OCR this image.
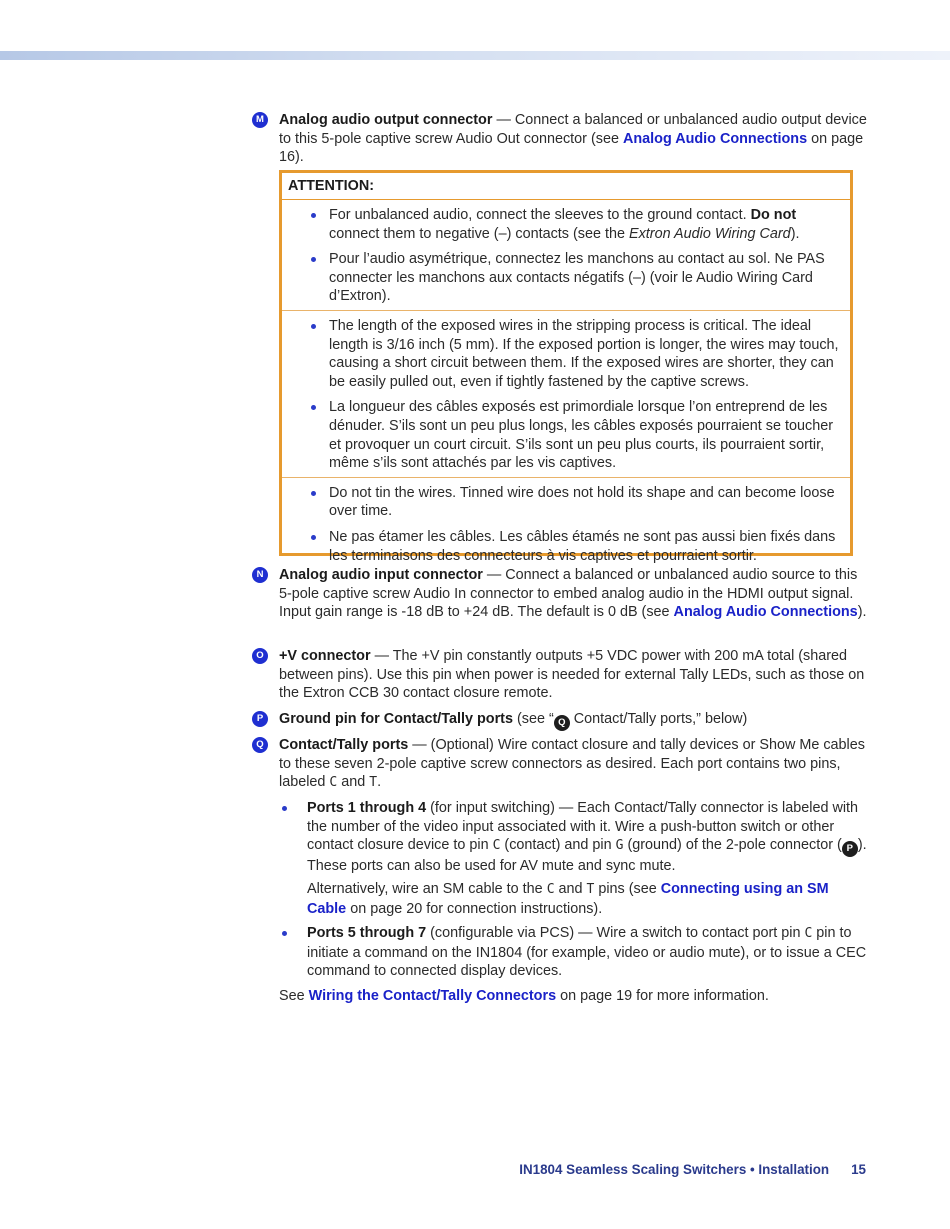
M Analog audio output connector — Connect a balanced or unbalanced audio output device to this 5-pole captive screw Audio Out connector (see Analog Audio Connections on page 16).
ATTENTION:
For unbalanced audio, connect the sleeves to the ground contact. Do not connect them to negative (–) contacts (see the Extron Audio Wiring Card).
Pour l’audio asymétrique, connectez les manchons au contact au sol. Ne PAS connecter les manchons aux contacts négatifs (–) (voir le Audio Wiring Card d’Extron).
The length of the exposed wires in the stripping process is critical. The ideal length is 3/16 inch (5 mm). If the exposed portion is longer, the wires may touch, causing a short circuit between them. If the exposed wires are shorter, they can be easily pulled out, even if tightly fastened by the captive screws.
La longueur des câbles exposés est primordiale lorsque l’on entreprend de les dénuder. S’ils sont un peu plus longs, les câbles exposés pourraient se toucher et provoquer un court circuit. S’ils sont un peu plus courts, ils pourraient sortir, même s’ils sont attachés par les vis captives.
Do not tin the wires. Tinned wire does not hold its shape and can become loose over time.
Ne pas étamer les câbles. Les câbles étamés ne sont pas aussi bien fixés dans les terminaisons des connecteurs à vis captives et pourraient sortir.
N	Analog audio input connector — Connect a balanced or unbalanced audio source to this 5-pole captive screw Audio In connector to embed analog audio in the HDMI output signal. Input gain range is -18 dB to +24 dB. The default is 0 dB (see Analog Audio Connections).
O +V connector — The +V pin constantly outputs +5 VDC power with 200 mA total (shared between pins). Use this pin when power is needed for external Tally LEDs, such as those on the Extron CCB 30 contact closure remote.
P	Ground pin for Contact/Tally ports (see “ Q Contact/Tally ports,” below)
Q Contact/Tally ports — (Optional) Wire contact closure and tally devices or Show Me cables to these seven 2-pole captive screw connectors as desired. Each port contains two pins, labeled C and T.
Ports 1 through 4 (for input switching) — Each Contact/Tally connector is labeled with the number of the video input associated with it. Wire a push-button switch or other contact closure device to pin C (contact) and pin G (ground) of the 2-pole connector ( P ). These ports can also be used for AV mute and sync mute.
Alternatively, wire an SM cable to the C and T pins (see Connecting using an SM Cable on page 20 for connection instructions).
Ports 5 through 7 (configurable via PCS) — Wire a switch to contact port pin C pin to initiate a command on the IN1804 (for example, video or audio mute), or to issue a CEC command to connected display devices.
See Wiring the Contact/Tally Connectors on page 19 for more information.
IN1804 Seamless Scaling Switchers • Installation 15
